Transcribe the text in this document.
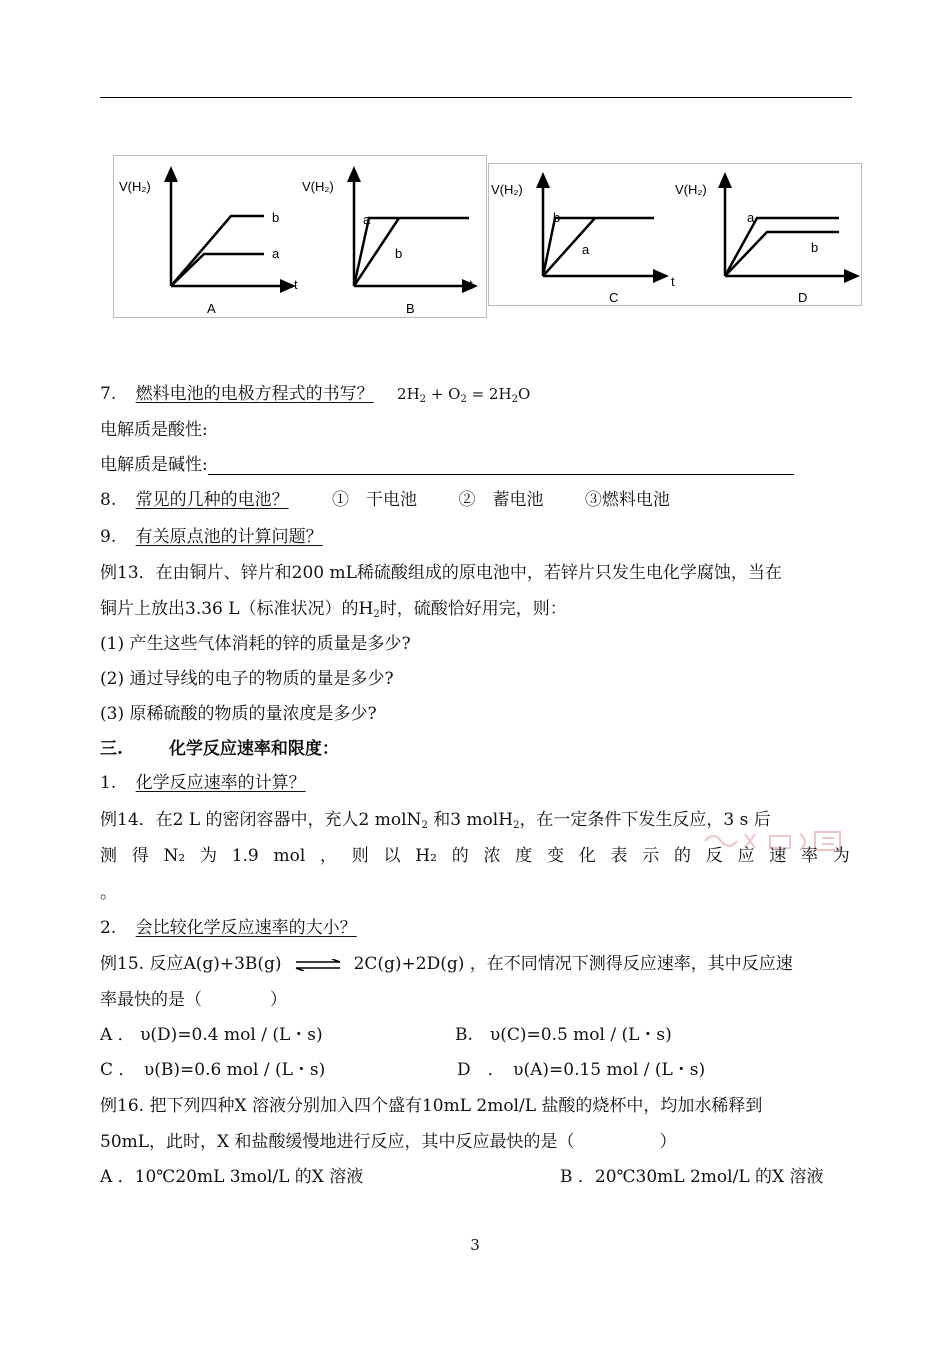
V(H₂)
t
b
a
A
V(H₂)
t
a
b
B
V(H₂)
t
b
a
C
V(H₂)
a
b
D
7. 燃料电池的电极方程式的书写？ $2H_2 + O_2 = 2H_2O$
电解质是酸性:
电解质是碱性:
8. 常见的几种的电池？	①　干电池 ②　蓄电池 ③燃料电池
9. 有关原点池的计算问题？
例13．在由铜片、锌片和200 mL稀硫酸组成的原电池中，若锌片只发生电化学腐蚀，当在
铜片上放出3.36 L（标准状况）的$H_2$时，硫酸恰好用完，则：
(1) 产生这些气体消耗的锌的质量是多少?
(2) 通过导线的电子的物质的量是多少?
(3) 原稀硫酸的物质的量浓度是多少?
三.	化学反应速率和限度：
1. 化学反应速率的计算？
例14．在2 L 的密闭容器中，充人2 molN$_2$ 和3 molH$_2$，在一定条件下发生反应，3 s 后
测 得 N₂ 为 1.9 mol ， 则 以 H₂ 的 浓 度 变 化 表 示 的 反 应 速 率 为
。
2. 会比较化学反应速率的大小？
例15. 反应A(g)+3B(g) ⇌ 2C(g)+2D(g) ，在不同情况下测得反应速率，其中反应速
率最快的是（　　　　）
A ． υ(D)=0.4 mol / (L・s)	B.　υ(C)=0.5 mol / (L・s)
C ．　υ(B)=0.6 mol / (L・s)	D　．　υ(A)=0.15 mol / (L・s)
例16. 把下列四种X 溶液分别加入四个盛有10mL 2mol/L 盐酸的烧杯中，均加水稀释到
50mL，此时，X 和盐酸缓慢地进行反应，其中反应最快的是（　　　　　）
A ．10℃20mL 3mol/L 的X 溶液	B ．20℃30mL 2mol/L 的X 溶液
3
